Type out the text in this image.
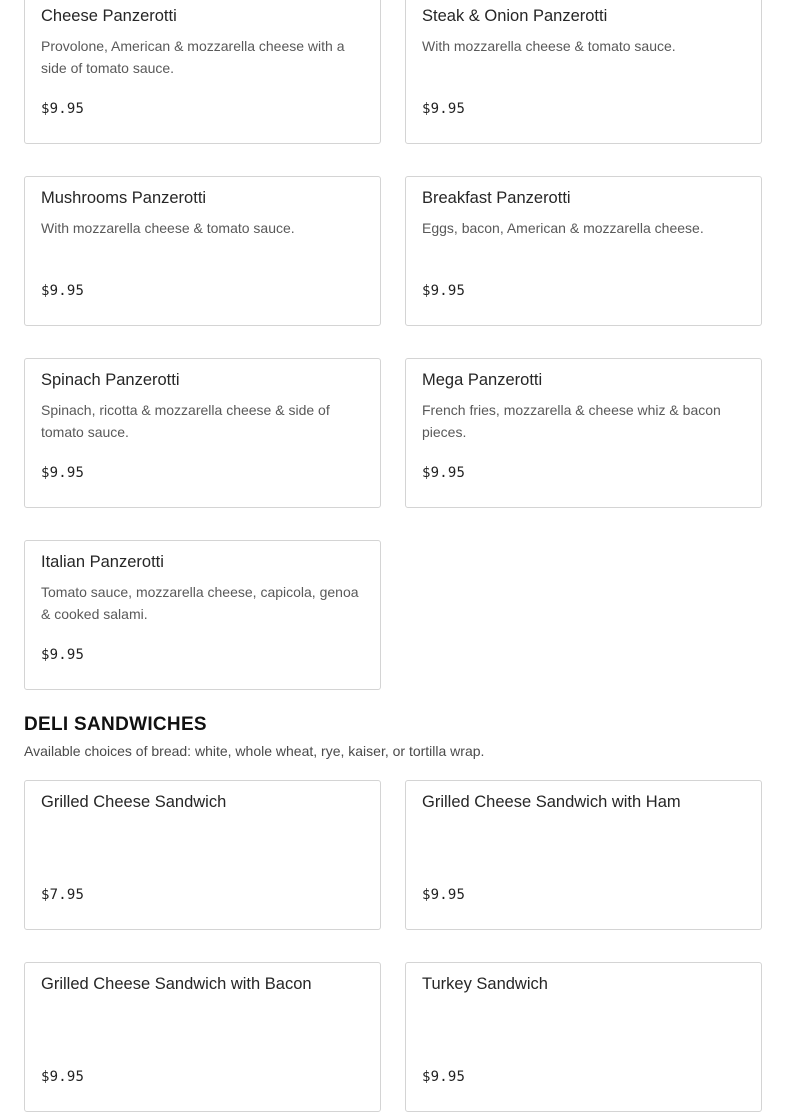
Cheese Panzerotti
Provolone, American & mozzarella cheese with a side of tomato sauce.
$9.95
Steak & Onion Panzerotti
With mozzarella cheese & tomato sauce.
$9.95
Mushrooms Panzerotti
With mozzarella cheese & tomato sauce.
$9.95
Breakfast Panzerotti
Eggs, bacon, American & mozzarella cheese.
$9.95
Spinach Panzerotti
Spinach, ricotta & mozzarella cheese & side of tomato sauce.
$9.95
Mega Panzerotti
French fries, mozzarella & cheese whiz & bacon pieces.
$9.95
Italian Panzerotti
Tomato sauce, mozzarella cheese, capicola, genoa & cooked salami.
$9.95
DELI SANDWICHES
Available choices of bread: white, whole wheat, rye, kaiser, or tortilla wrap.
Grilled Cheese Sandwich
$7.95
Grilled Cheese Sandwich with Ham
$9.95
Grilled Cheese Sandwich with Bacon
$9.95
Turkey Sandwich
$9.95
